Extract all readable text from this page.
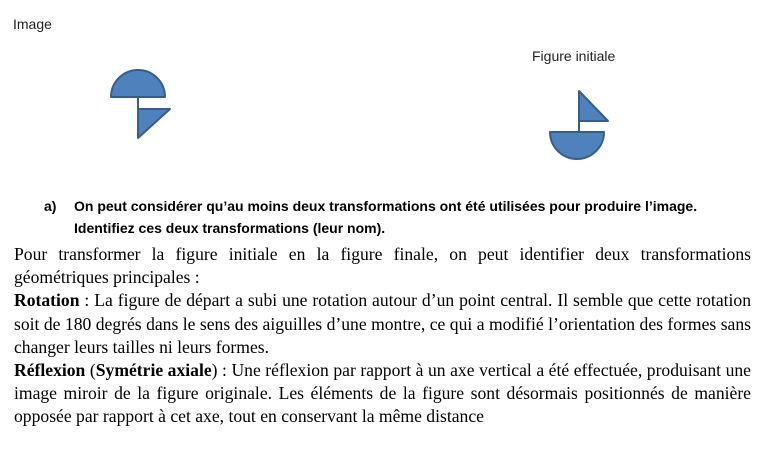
Image
Figure initiale
a) On peut considérer qu’au moins deux transformations ont été utilisées pour produire l’image. Identifiez ces deux transformations (leur nom).

Pour transformer la figure initiale en la figure finale, on peut identifier deux transformations géométriques principales :

Rotation : La figure de départ a subi une rotation autour d’un point central. Il semble que cette rotation soit de 180 degrés dans le sens des aiguilles d’une montre, ce qui a modifié l’orientation des formes sans changer leurs tailles ni leurs formes.

Réflexion (Symétrie axiale) : Une réflexion par rapport à un axe vertical a été effectuée, produisant une image miroir de la figure originale. Les éléments de la figure sont désormais positionnés de manière opposée par rapport à cet axe, tout en conservant la même distance
